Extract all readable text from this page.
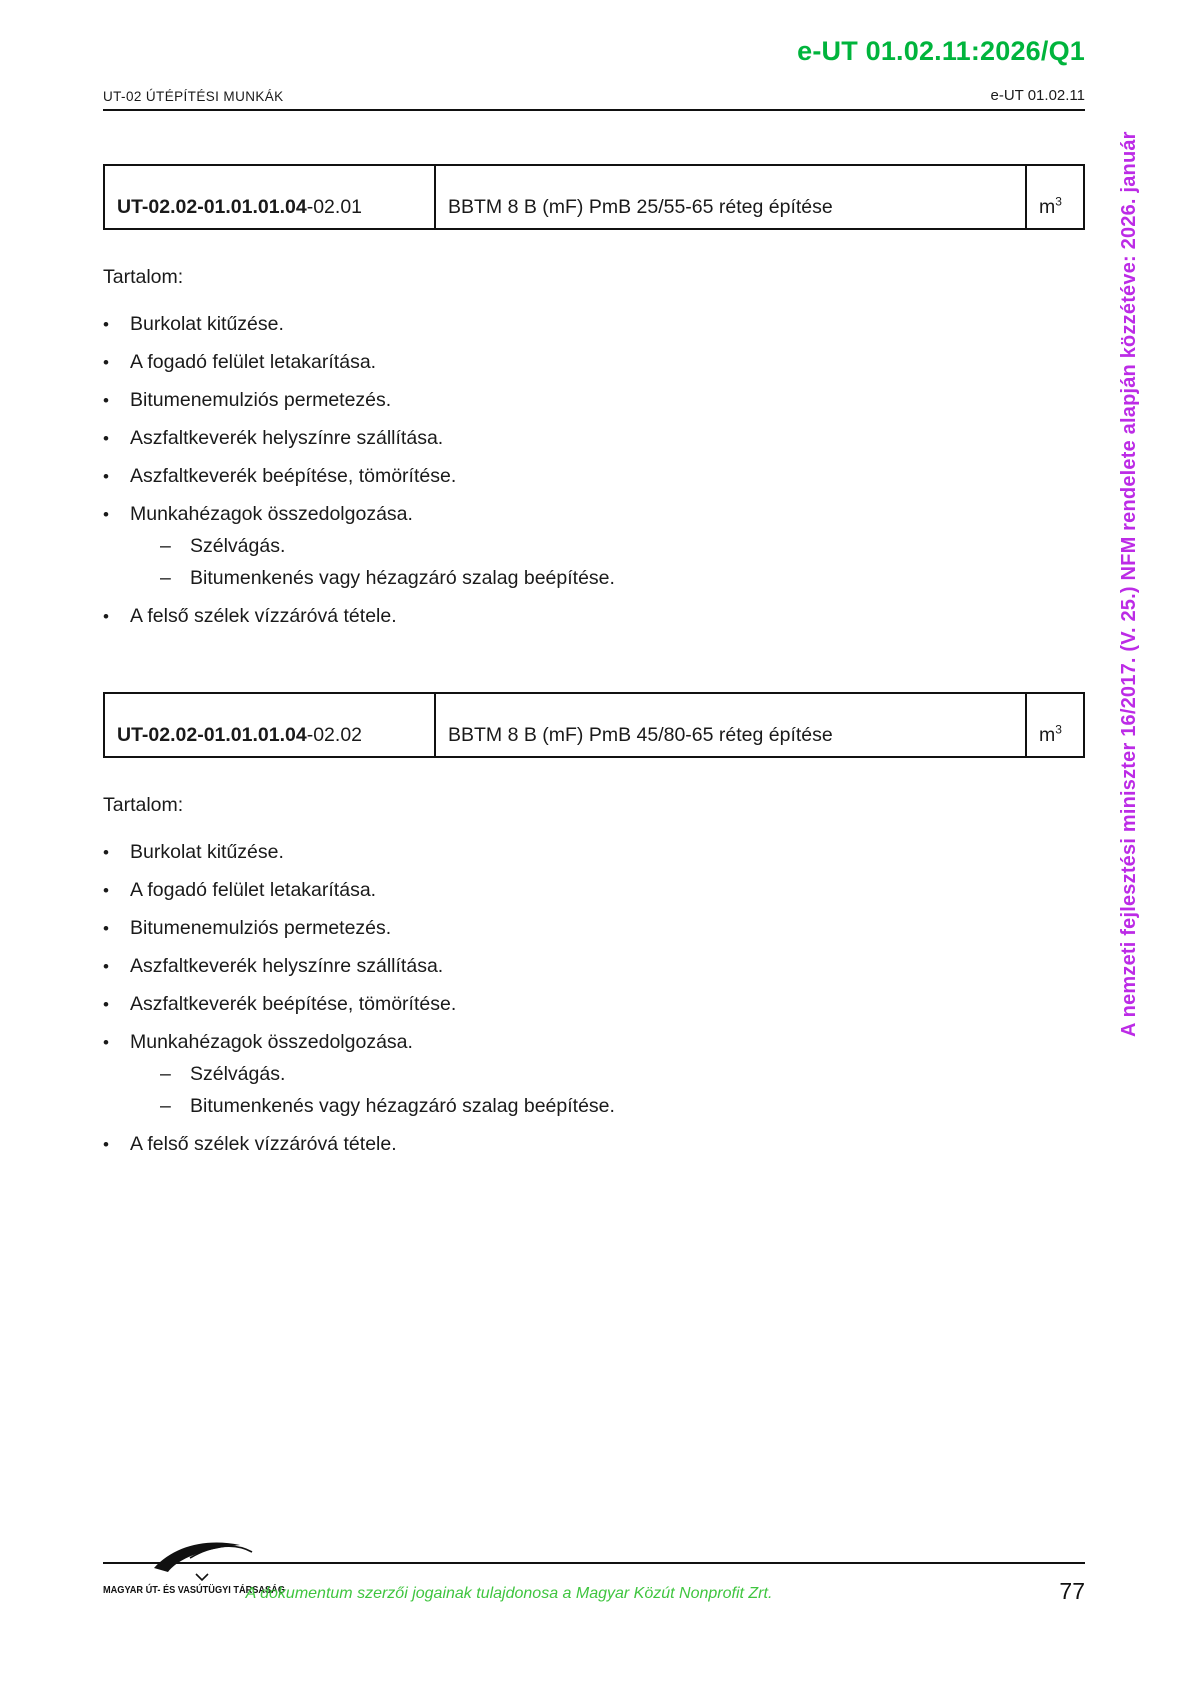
e-UT 01.02.11:2026/Q1
UT-02 ÚTÉPÍTÉSI MUNKÁK	e-UT 01.02.11
UT-02.02-01.01.01.04-02.01	BBTM 8 B (mF) PmB 25/55-65 réteg építése	$m^3$
Tartalom:
•	Burkolat kitűzése.
•	A fogadó felület letakarítása.
•	Bitumenemulziós permetezés.
•	Aszfaltkeverék helyszínre szállítása.
•	Aszfaltkeverék beépítése, tömörítése.
•	Munkahézagok összedolgozása.
– Szélvágás.
– Bitumenkenés vagy hézagzáró szalag beépítése.
•	A felső szélek vízzáróvá tétele.
UT-02.02-01.01.01.04-02.02	BBTM 8 B (mF) PmB 45/80-65 réteg építése	$m^3$
Tartalom:
•	Burkolat kitűzése.
•	A fogadó felület letakarítása.
•	Bitumenemulziós permetezés.
•	Aszfaltkeverék helyszínre szállítása.
•	Aszfaltkeverék beépítése, tömörítése.
•	Munkahézagok összedolgozása.
– Szélvágás.
– Bitumenkenés vagy hézagzáró szalag beépítése.
•	A felső szélek vízzáróvá tétele.
A nemzeti fejlesztési miniszter 16/2017. (V. 25.) NFM rendelete alapján közzétéve: 2026. január
MAGYAR ÚT- ÉS VASÚTÜGYI TÁRSASÁG
A dokumentum szerzői jogainak tulajdonosa a Magyar Közút Nonprofit Zrt.	77
